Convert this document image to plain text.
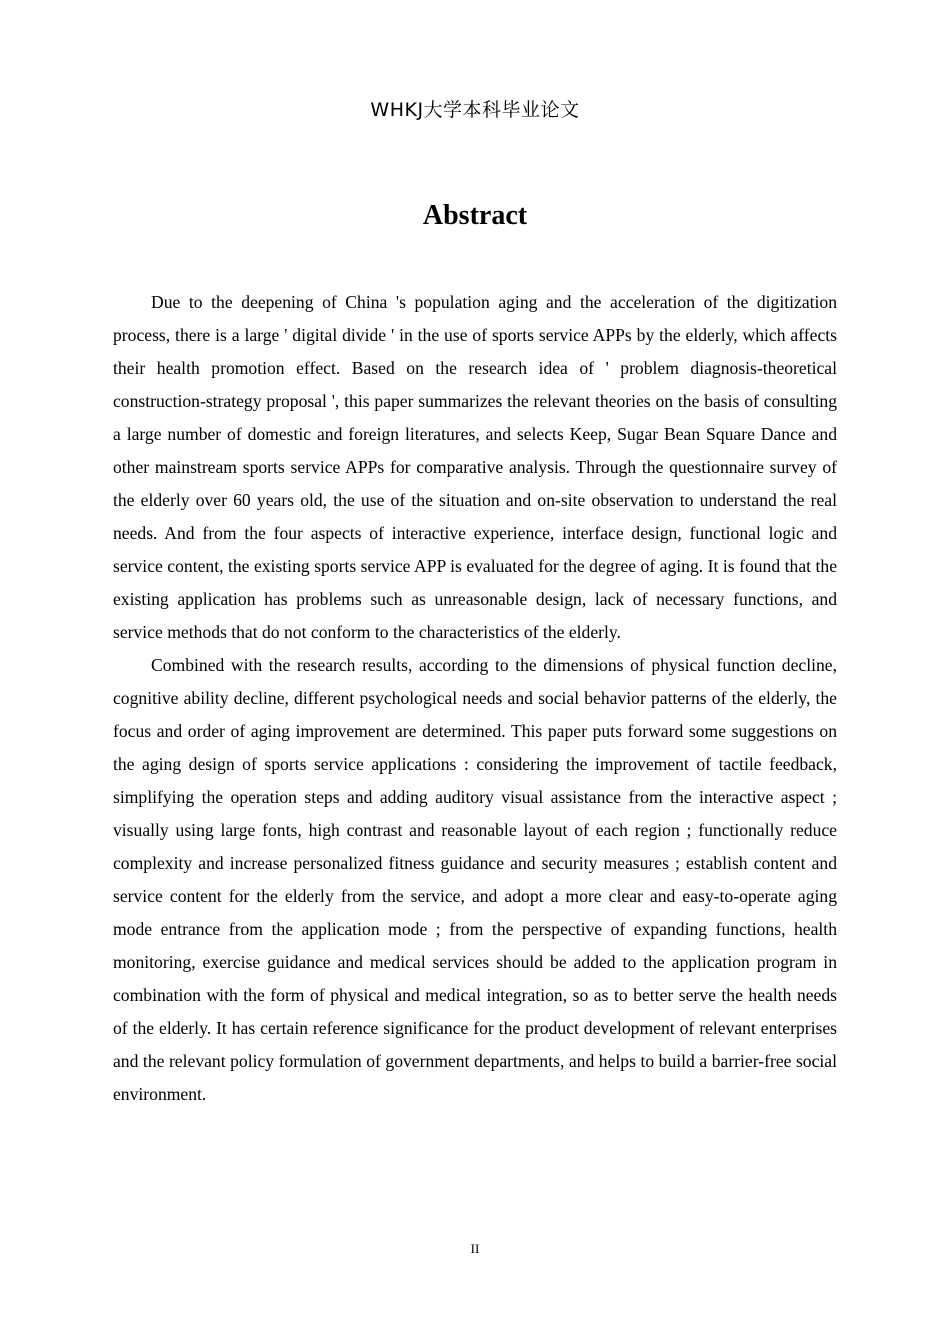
WHKJ大学本科毕业论文
Abstract

Due to the deepening of China 's population aging and the acceleration of the digitization process, there is a large ' digital divide ' in the use of sports service APPs by the elderly, which affects their health promotion effect. Based on the research idea of ' problem diagnosis-theoretical construction-strategy proposal ', this paper summarizes the relevant theories on the basis of consulting a large number of domestic and foreign literatures, and selects Keep, Sugar Bean Square Dance and other mainstream sports service APPs for comparative analysis. Through the questionnaire survey of the elderly over 60 years old, the use of the situation and on-site observation to understand the real needs. And from the four aspects of interactive experience, interface design, functional logic and service content, the existing sports service APP is evaluated for the degree of aging. It is found that the existing application has problems such as unreasonable design, lack of necessary functions, and service methods that do not conform to the characteristics of the elderly.

Combined with the research results, according to the dimensions of physical function decline, cognitive ability decline, different psychological needs and social behavior patterns of the elderly, the focus and order of aging improvement are determined. This paper puts forward some suggestions on the aging design of sports service applications : considering the improvement of tactile feedback, simplifying the operation steps and adding auditory visual assistance from the interactive aspect ; visually using large fonts, high contrast and reasonable layout of each region ; functionally reduce complexity and increase personalized fitness guidance and security measures ; establish content and service content for the elderly from the service, and adopt a more clear and easy-to-operate aging mode entrance from the application mode ; from the perspective of expanding functions, health monitoring, exercise guidance and medical services should be added to the application program in combination with the form of physical and medical integration, so as to better serve the health needs of the elderly. It has certain reference significance for the product development of relevant enterprises and the relevant policy formulation of government departments, and helps to build a barrier-free social environment.

II
